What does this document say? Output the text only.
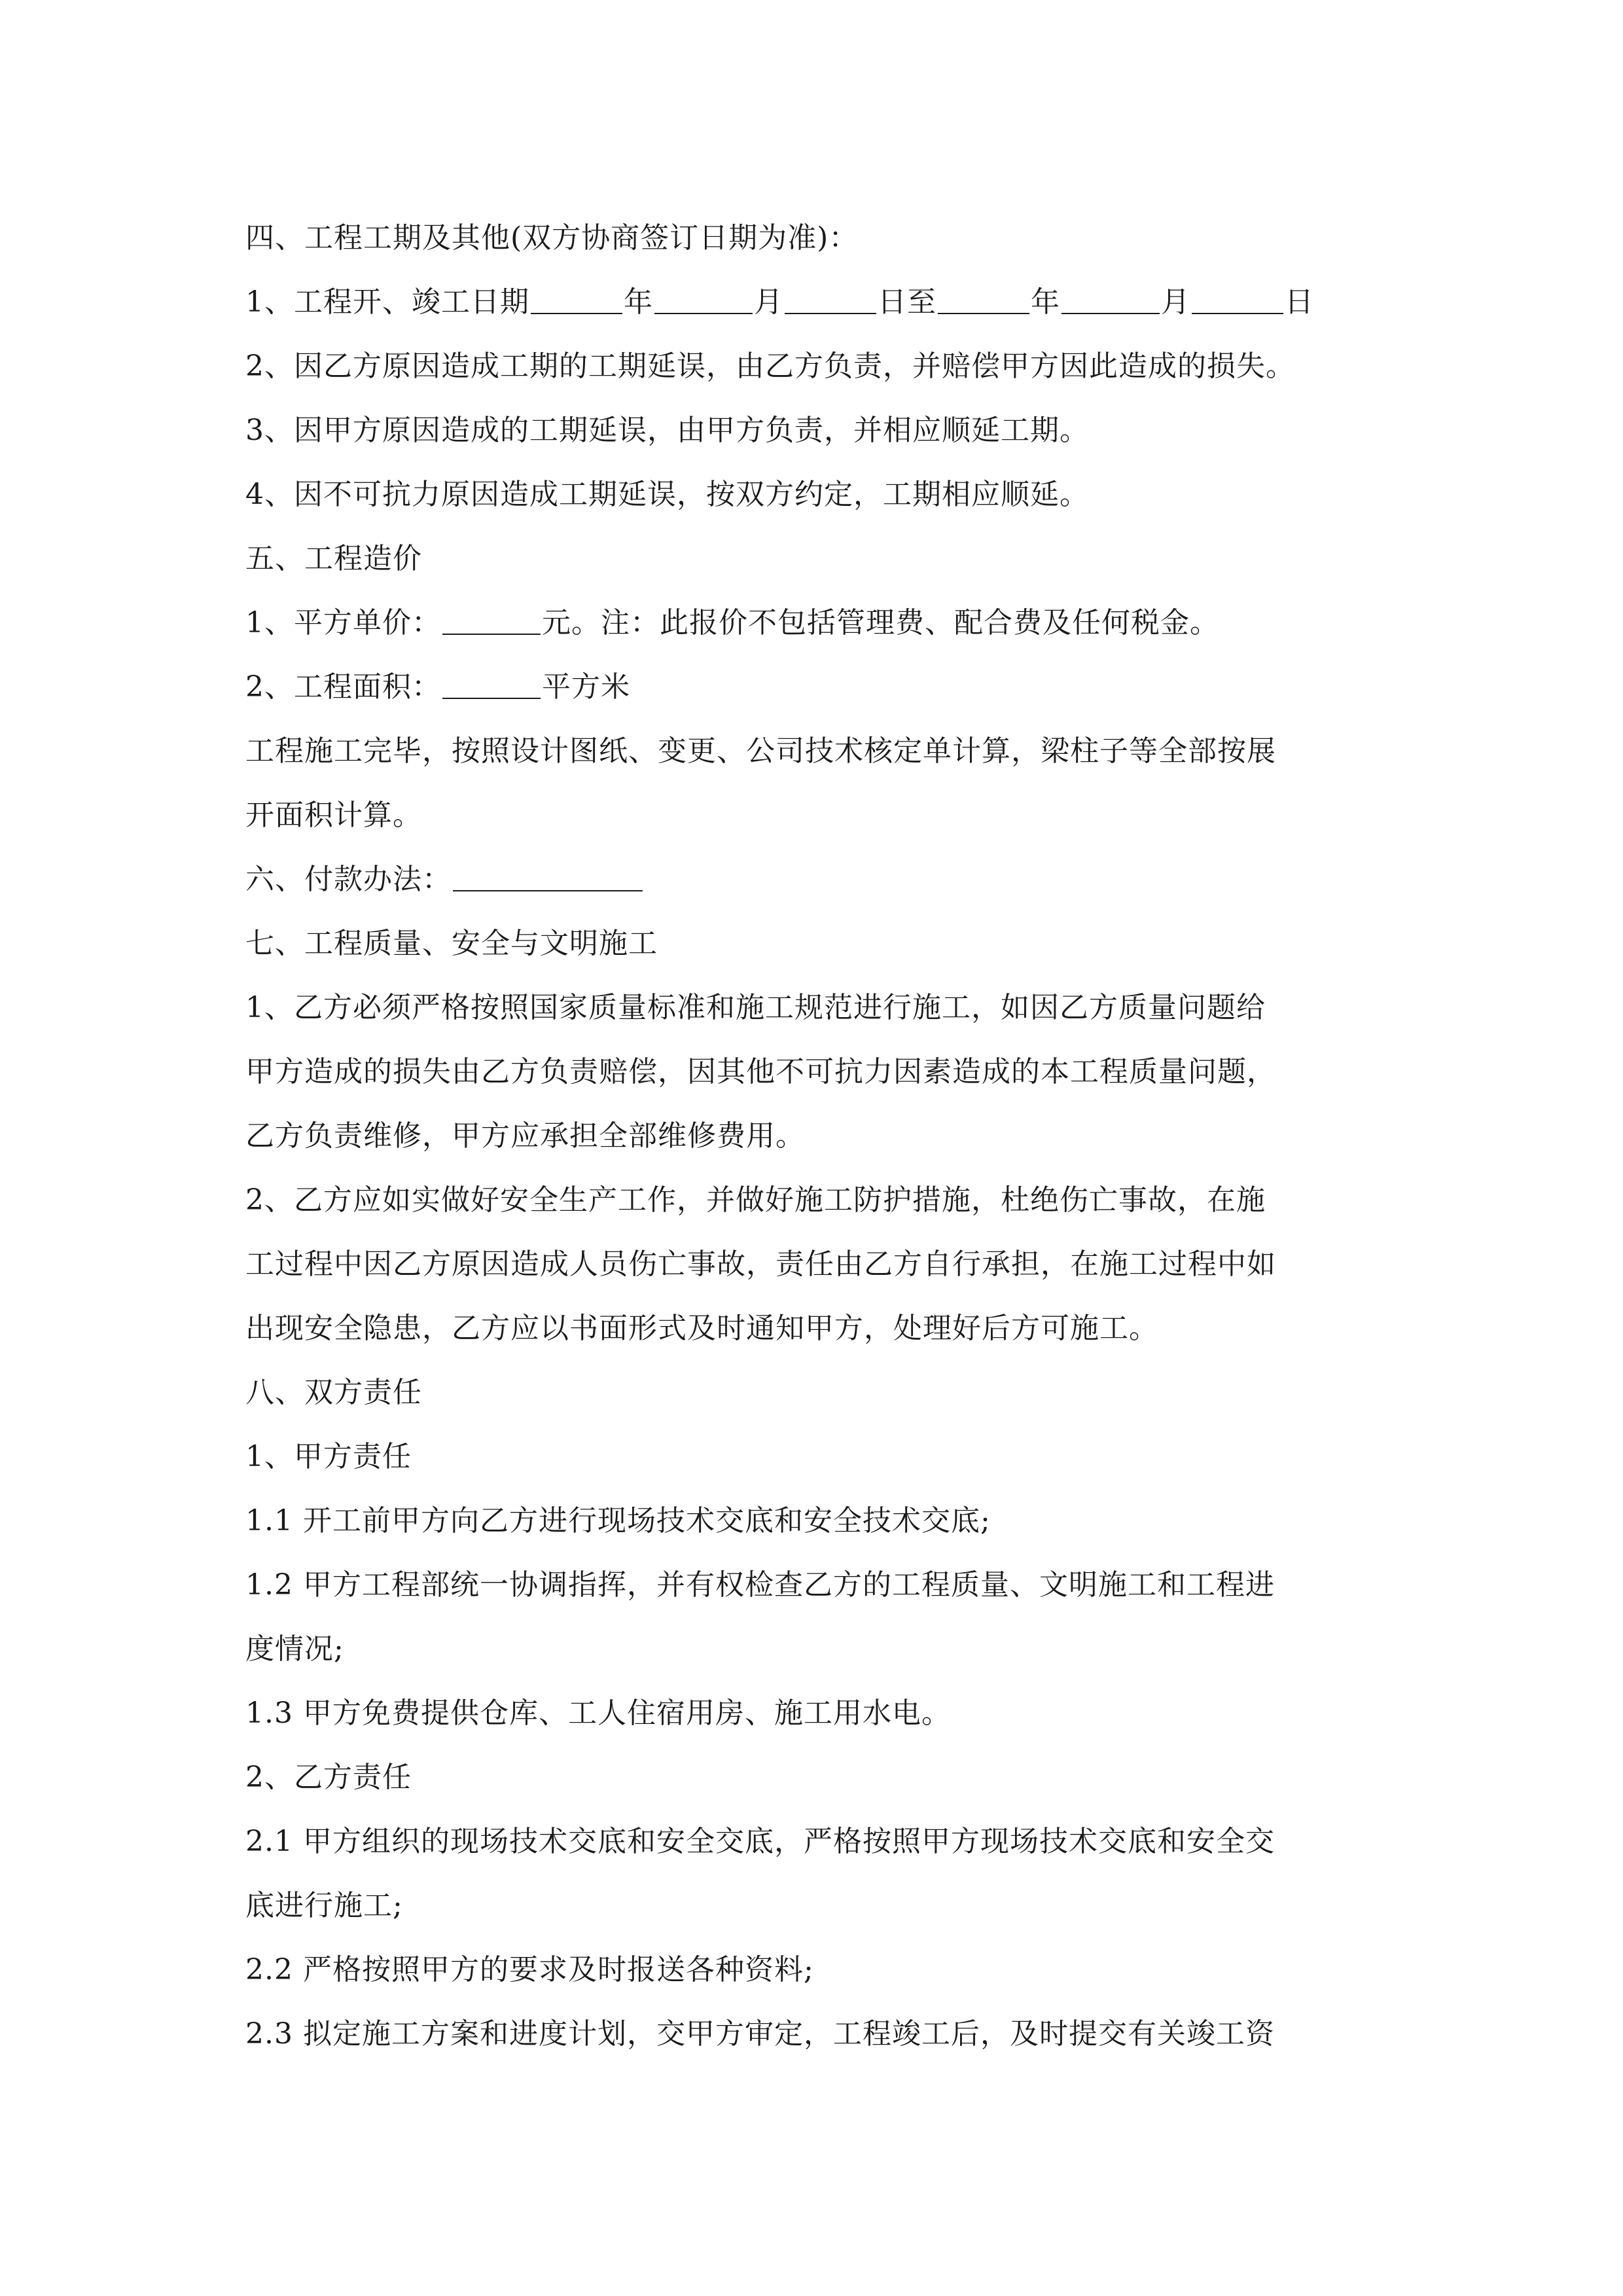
四、工程工期及其他(双方协商签订日期为准)：
1、工程开、竣工日期	年	月	日至	年	月	日
2、因乙方原因造成工期的工期延误，由乙方负责，并赔偿甲方因此造成的损失。
3、因甲方原因造成的工期延误，由甲方负责，并相应顺延工期。
4、因不可抗力原因造成工期延误，按双方约定，工期相应顺延。
五、工程造价
1、平方单价：	元。注：此报价不包括管理费、配合费及任何税金。
2、工程面积：	平方米
工程施工完毕，按照设计图纸、变更、公司技术核定单计算，梁柱子等全部按展
开面积计算。
六、付款办法：
七、工程质量、安全与文明施工
1、乙方必须严格按照国家质量标准和施工规范进行施工，如因乙方质量问题给
甲方造成的损失由乙方负责赔偿，因其他不可抗力因素造成的本工程质量问题，
乙方负责维修，甲方应承担全部维修费用。
2、乙方应如实做好安全生产工作，并做好施工防护措施，杜绝伤亡事故，在施
工过程中因乙方原因造成人员伤亡事故，责任由乙方自行承担，在施工过程中如
出现安全隐患，乙方应以书面形式及时通知甲方，处理好后方可施工。
八、双方责任
1、甲方责任
1.1 开工前甲方向乙方进行现场技术交底和安全技术交底;
1.2 甲方工程部统一协调指挥，并有权检查乙方的工程质量、文明施工和工程进
度情况;
1.3 甲方免费提供仓库、工人住宿用房、施工用水电。
2、乙方责任
2.1 甲方组织的现场技术交底和安全交底，严格按照甲方现场技术交底和安全交
底进行施工;
2.2 严格按照甲方的要求及时报送各种资料;
2.3 拟定施工方案和进度计划，交甲方审定，工程竣工后，及时提交有关竣工资
